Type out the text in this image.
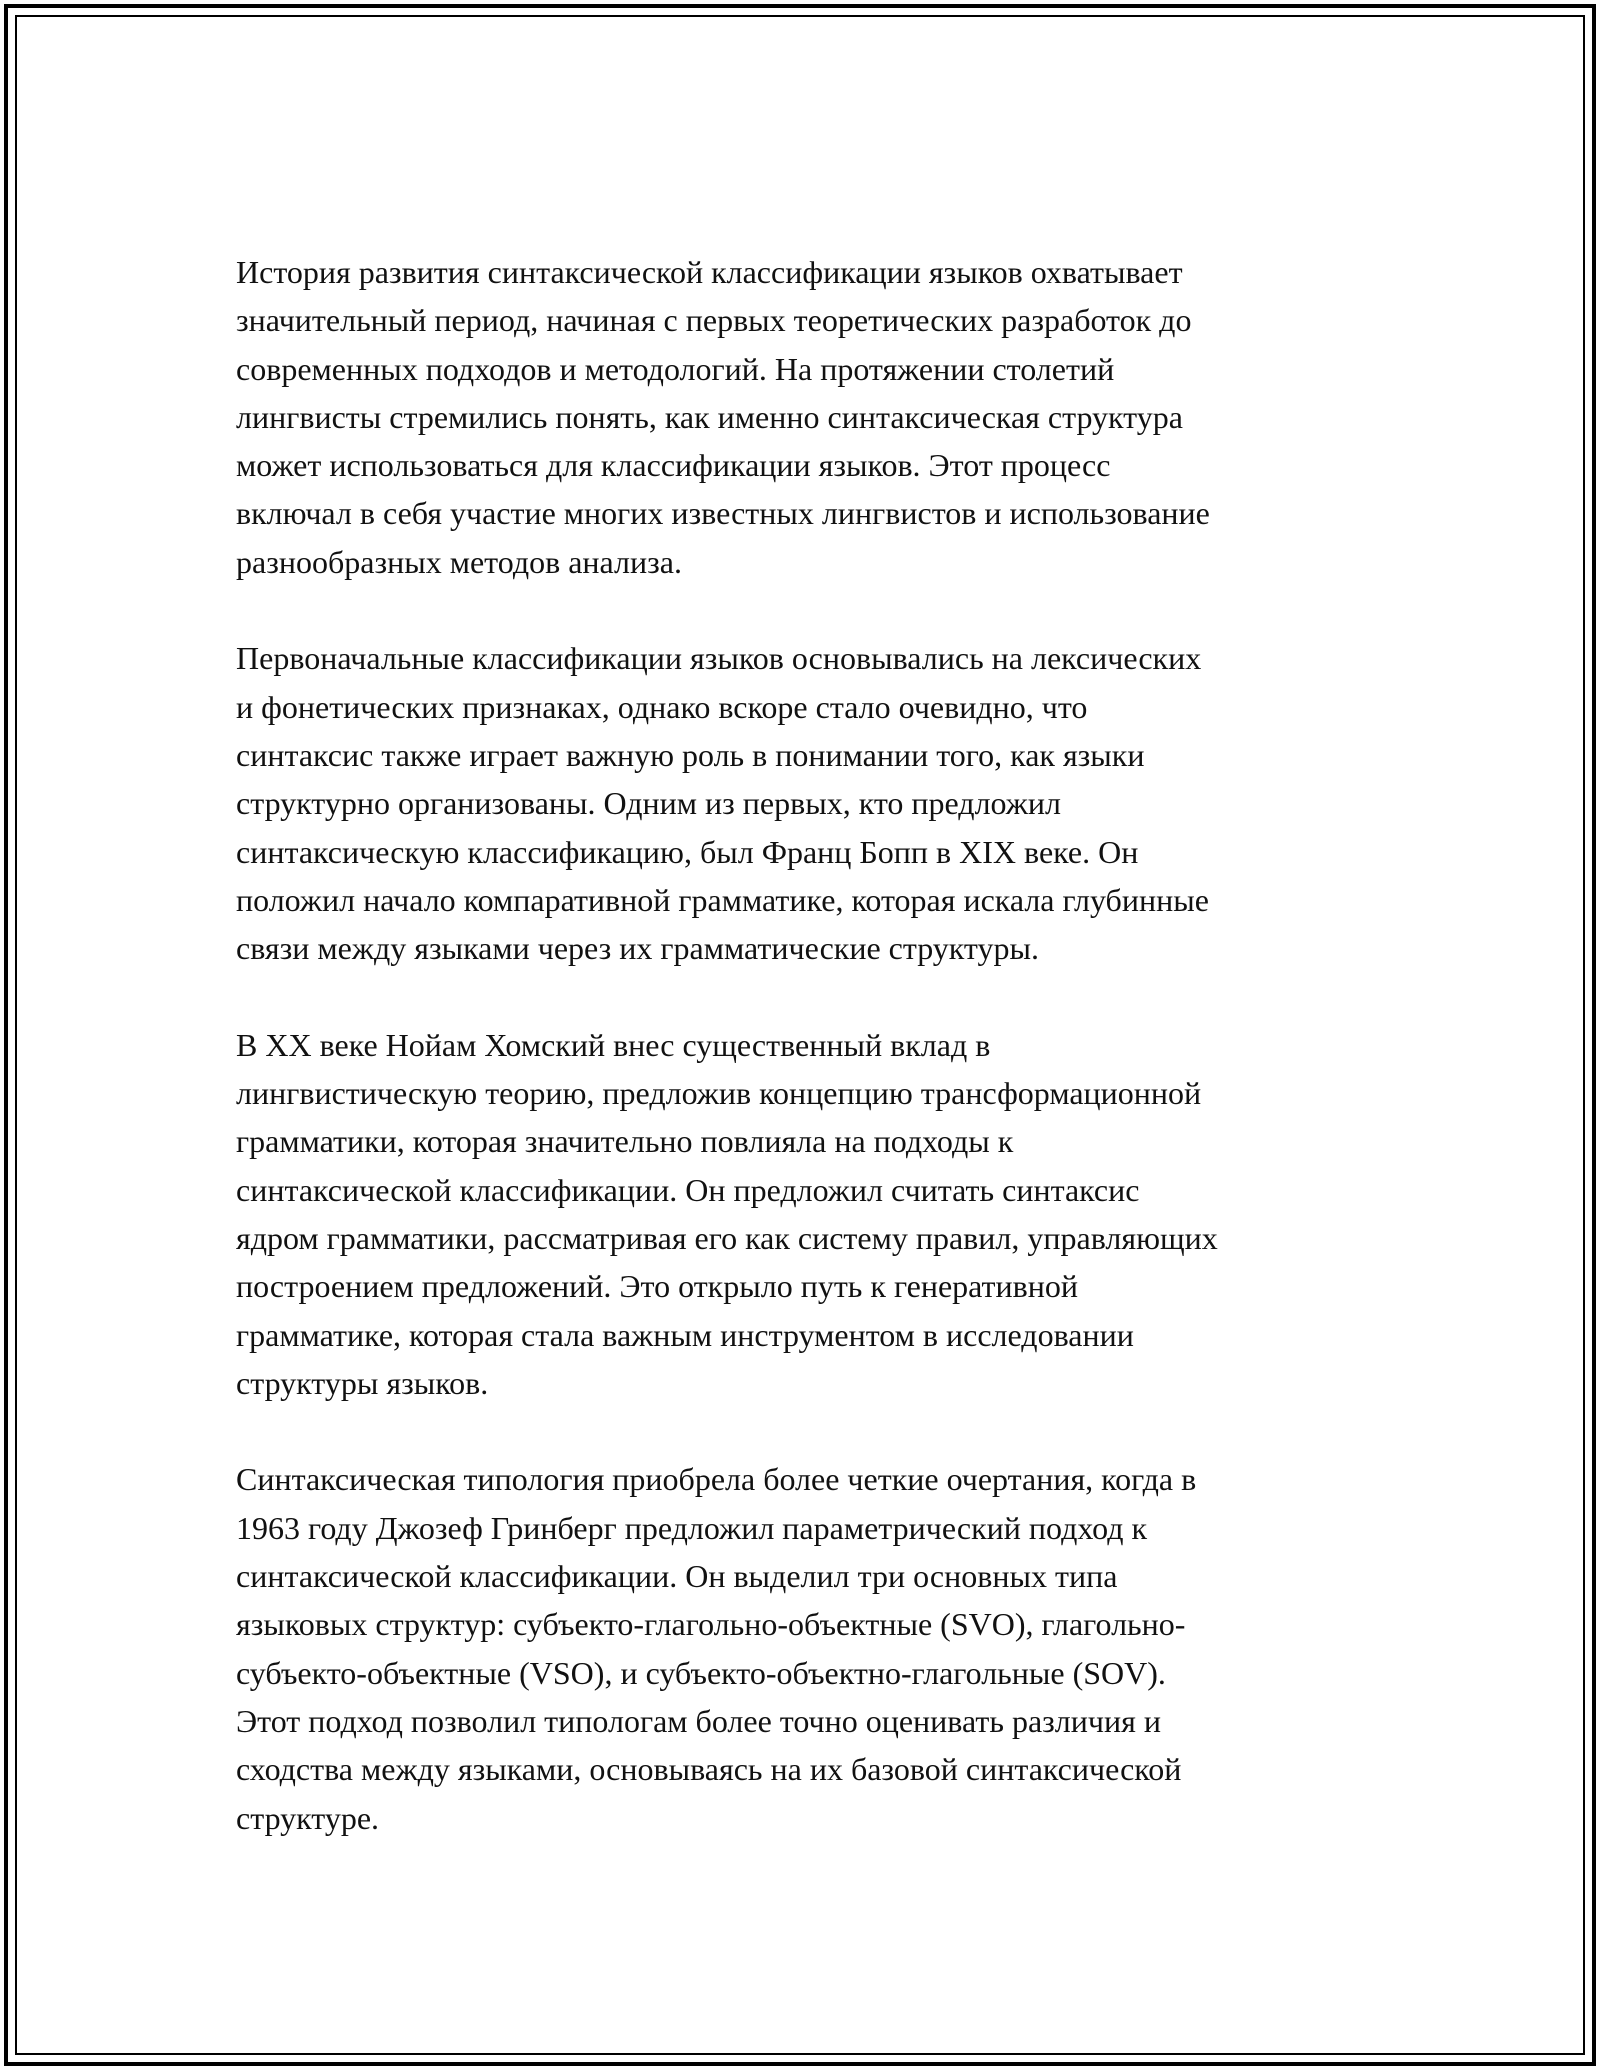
История развития синтаксической классификации языков охватывает
значительный период, начиная с первых теоретических разработок до
современных подходов и методологий. На протяжении столетий
лингвисты стремились понять, как именно синтаксическая структура
может использоваться для классификации языков. Этот процесс
включал в себя участие многих известных лингвистов и использование
разнообразных методов анализа.

Первоначальные классификации языков основывались на лексических
и фонетических признаках, однако вскоре стало очевидно, что
синтаксис также играет важную роль в понимании того, как языки
структурно организованы. Одним из первых, кто предложил
синтаксическую классификацию, был Франц Бопп в XIX веке. Он
положил начало компаративной грамматике, которая искала глубинные
связи между языками через их грамматические структуры.

В XX веке Нойам Хомский внес существенный вклад в
лингвистическую теорию, предложив концепцию трансформационной
грамматики, которая значительно повлияла на подходы к
синтаксической классификации. Он предложил считать синтаксис
ядром грамматики, рассматривая его как систему правил, управляющих
построением предложений. Это открыло путь к генеративной
грамматике, которая стала важным инструментом в исследовании
структуры языков.

Синтаксическая типология приобрела более четкие очертания, когда в
1963 году Джозеф Гринберг предложил параметрический подход к
синтаксической классификации. Он выделил три основных типа
языковых структур: субъекто-глагольно-объектные (SVO), глагольно-
субъекто-объектные (VSO), и субъекто-объектно-глагольные (SOV).
Этот подход позволил типологам более точно оценивать различия и
сходства между языками, основываясь на их базовой синтаксической
структуре.
